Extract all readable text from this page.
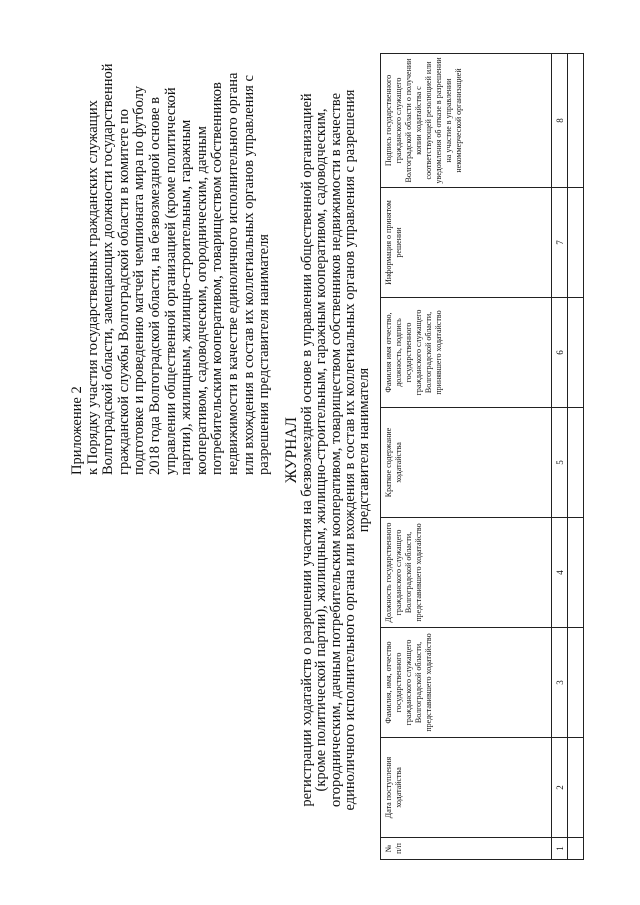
Приложение 2 к Порядку участия государственных гражданских служащих Волгоградской области, замещающих должности государственной гражданской службы Волгоградской области в комитете по подготовке и проведению матчей чемпионата мира по футболу 2018 года Волгоградской области, на безвозмездной основе в управлении общественной организацией (кроме политической партии), жилищным, жилищно-строительным, гаражным кооперативом, садоводческим, огородническим, дачным потребительским кооперативом, товариществом собственников недвижимости в качестве единоличного исполнительного органа или вхождения в состав их коллегиальных органов управления с разрешения представителя нанимателя ЖУРНАЛ регистрации ходатайств о разрешении участия на безвозмездной основе в управлении общественной организацией
(кроме политической партии), жилищным, жилищно-строительным, гаражным кооперативом, садоводческим,
огородническим, дачным потребительским кооперативом, товариществом собственников недвижимости в качестве
единоличного исполнительного органа или вхождения в состав их коллегиальных органов управления с разрешения
представителя нанимателя
№ п/п	Дата поступления ходатайства	Фамилия, имя, отчество государственного гражданского служащего Волгоградской области, представившего ходатайство	Должность государственного гражданского служащего Волгоградской области, представившего ходатайство	Краткое содержание ходатайства	Фамилия имя отчество, должность, подпись государственного гражданского служащего Волгоградской области, принявшего ходатайство	Информация о принятом решении	Подпись государственного гражданского служащего Волгоградской области о получении копии ходатайства с соответствующей резолюцией или уведомления об отказе в разрешении на участие в управлении некоммерческой организацией
1	2	3	4	5	6	7	8
